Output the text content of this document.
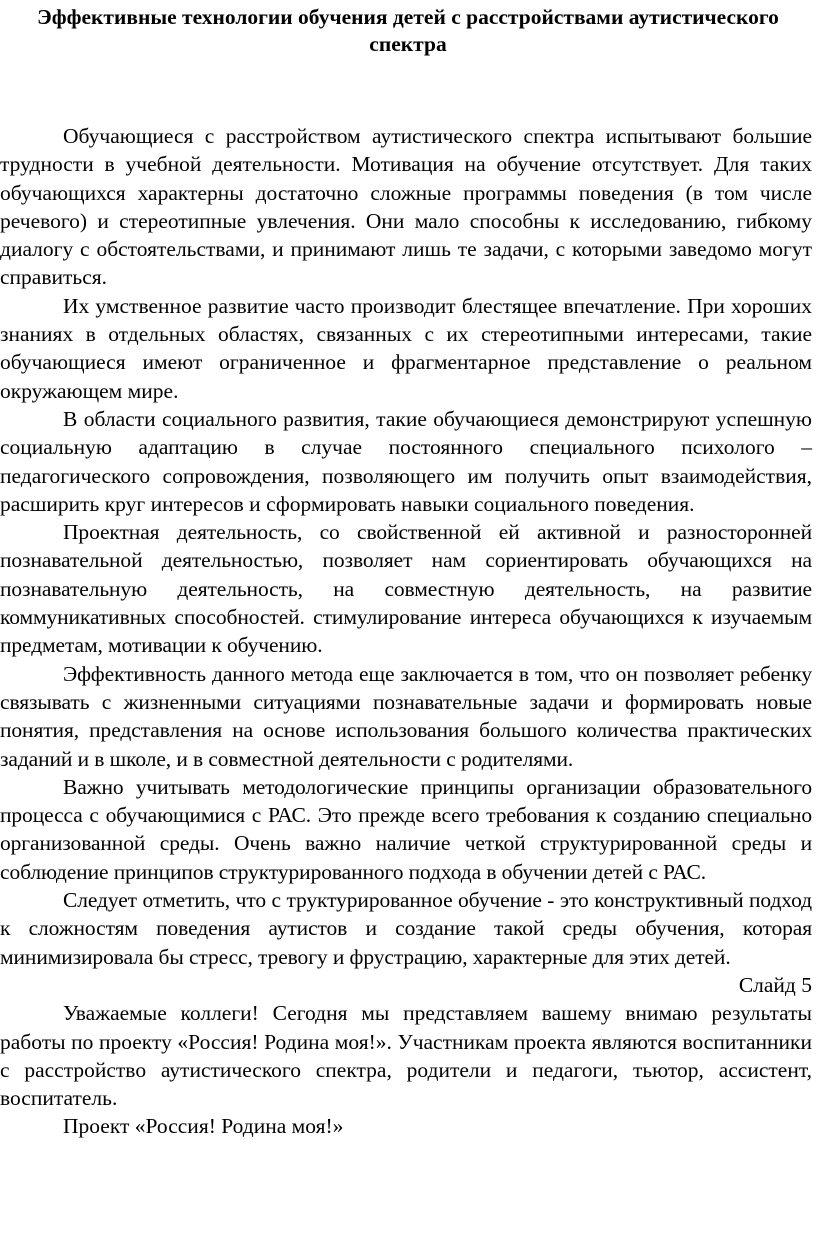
Эффективные технологии обучения детей с расстройствами аутистического спектра

Обучающиеся с расстройством аутистического спектра испытывают большие трудности в учебной деятельности. Мотивация на обучение отсутствует. Для таких обучающихся характерны достаточно сложные программы поведения (в том числе речевого) и стереотипные увлечения. Они мало способны к исследованию, гибкому диалогу с обстоятельствами, и принимают лишь те задачи, с которыми заведомо могут справиться.

Их умственное развитие часто производит блестящее впечатление. При хороших знаниях в отдельных областях, связанных с их стереотипными интересами, такие обучающиеся имеют ограниченное и фрагментарное представление о реальном окружающем мире.

В области социального развития, такие обучающиеся демонстрируют успешную социальную адаптацию в случае постоянного специального психолого – педагогического сопровождения, позволяющего им получить опыт взаимодействия, расширить круг интересов и сформировать навыки социального поведения.

Проектная деятельность, со свойственной ей активной и разносторонней познавательной деятельностью, позволяет нам сориентировать обучающихся на познавательную деятельность, на совместную деятельность, на развитие коммуникативных способностей. стимулирование интереса обучающихся к изучаемым предметам, мотивации к обучению.

Эффективность данного метода еще заключается в том, что он позволяет ребенку связывать с жизненными ситуациями познавательные задачи и формировать новые понятия, представления на основе использования большого количества практических заданий и в школе, и в совместной деятельности с родителями.

Важно учитывать методологические принципы организации образовательного процесса с обучающимися с РАС. Это прежде всего требования к созданию специально организованной среды. Очень важно наличие четкой структурированной среды и соблюдение принципов структурированного подхода в обучении детей с РАС.

Следует отметить, что с труктурированное обучение - это конструктивный подход к сложностям поведения аутистов и создание такой среды обучения, которая минимизировала бы стресс, тревогу и фрустрацию, характерные для этих детей.

Слайд 5

Уважаемые коллеги! Сегодня мы представляем вашему внимаю результаты работы по проекту «Россия! Родина моя!». Участникам проекта являются воспитанники с расстройство аутистического спектра, родители и педагоги, тьютор, ассистент, воспитатель.

Проект «Россия! Родина моя!»
